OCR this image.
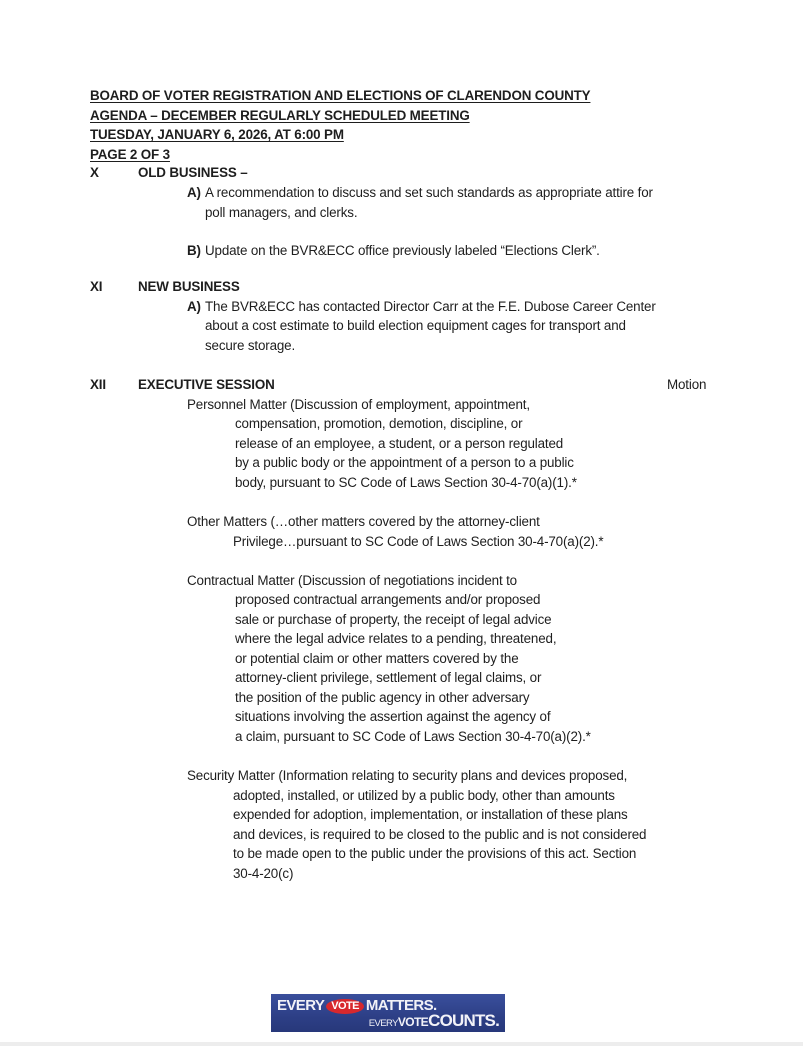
BOARD OF VOTER REGISTRATION AND ELECTIONS OF CLARENDON COUNTY
AGENDA – DECEMBER REGULARLY SCHEDULED MEETING
TUESDAY, JANUARY 6, 2026, AT 6:00 PM
PAGE 2 OF 3
X	OLD BUSINESS –
A) A recommendation to discuss and set such standards as appropriate attire for
poll managers, and clerks.
B) Update on the BVR&ECC office previously labeled “Elections Clerk”.
XI	NEW BUSINESS
A) The BVR&ECC has contacted Director Carr at the F.E. Dubose Career Center
about a cost estimate to build election equipment cages for transport and
secure storage.
XII EXECUTIVE SESSION	Motion
Personnel Matter (Discussion of employment, appointment,
compensation, promotion, demotion, discipline, or
release of an employee, a student, or a person regulated
by a public body or the appointment of a person to a public
body, pursuant to SC Code of Laws Section 30-4-70(a)(1).*
Other Matters (…other matters covered by the attorney-client
Privilege…pursuant to SC Code of Laws Section 30-4-70(a)(2).*
Contractual Matter (Discussion of negotiations incident to
proposed contractual arrangements and/or proposed
sale or purchase of property, the receipt of legal advice
where the legal advice relates to a pending, threatened,
or potential claim or other matters covered by the
attorney-client privilege, settlement of legal claims, or
the position of the public agency in other adversary
situations involving the assertion against the agency of
a claim, pursuant to SC Code of Laws Section 30-4-70(a)(2).*
Security Matter (Information relating to security plans and devices proposed,
adopted, installed, or utilized by a public body, other than amounts
expended for adoption, implementation, or installation of these plans
and devices, is required to be closed to the public and is not considered
to be made open to the public under the provisions of this act. Section
30-4-20(c)
EVERY VOTE MATTERS.
EVERYVOTECOUNTS.
